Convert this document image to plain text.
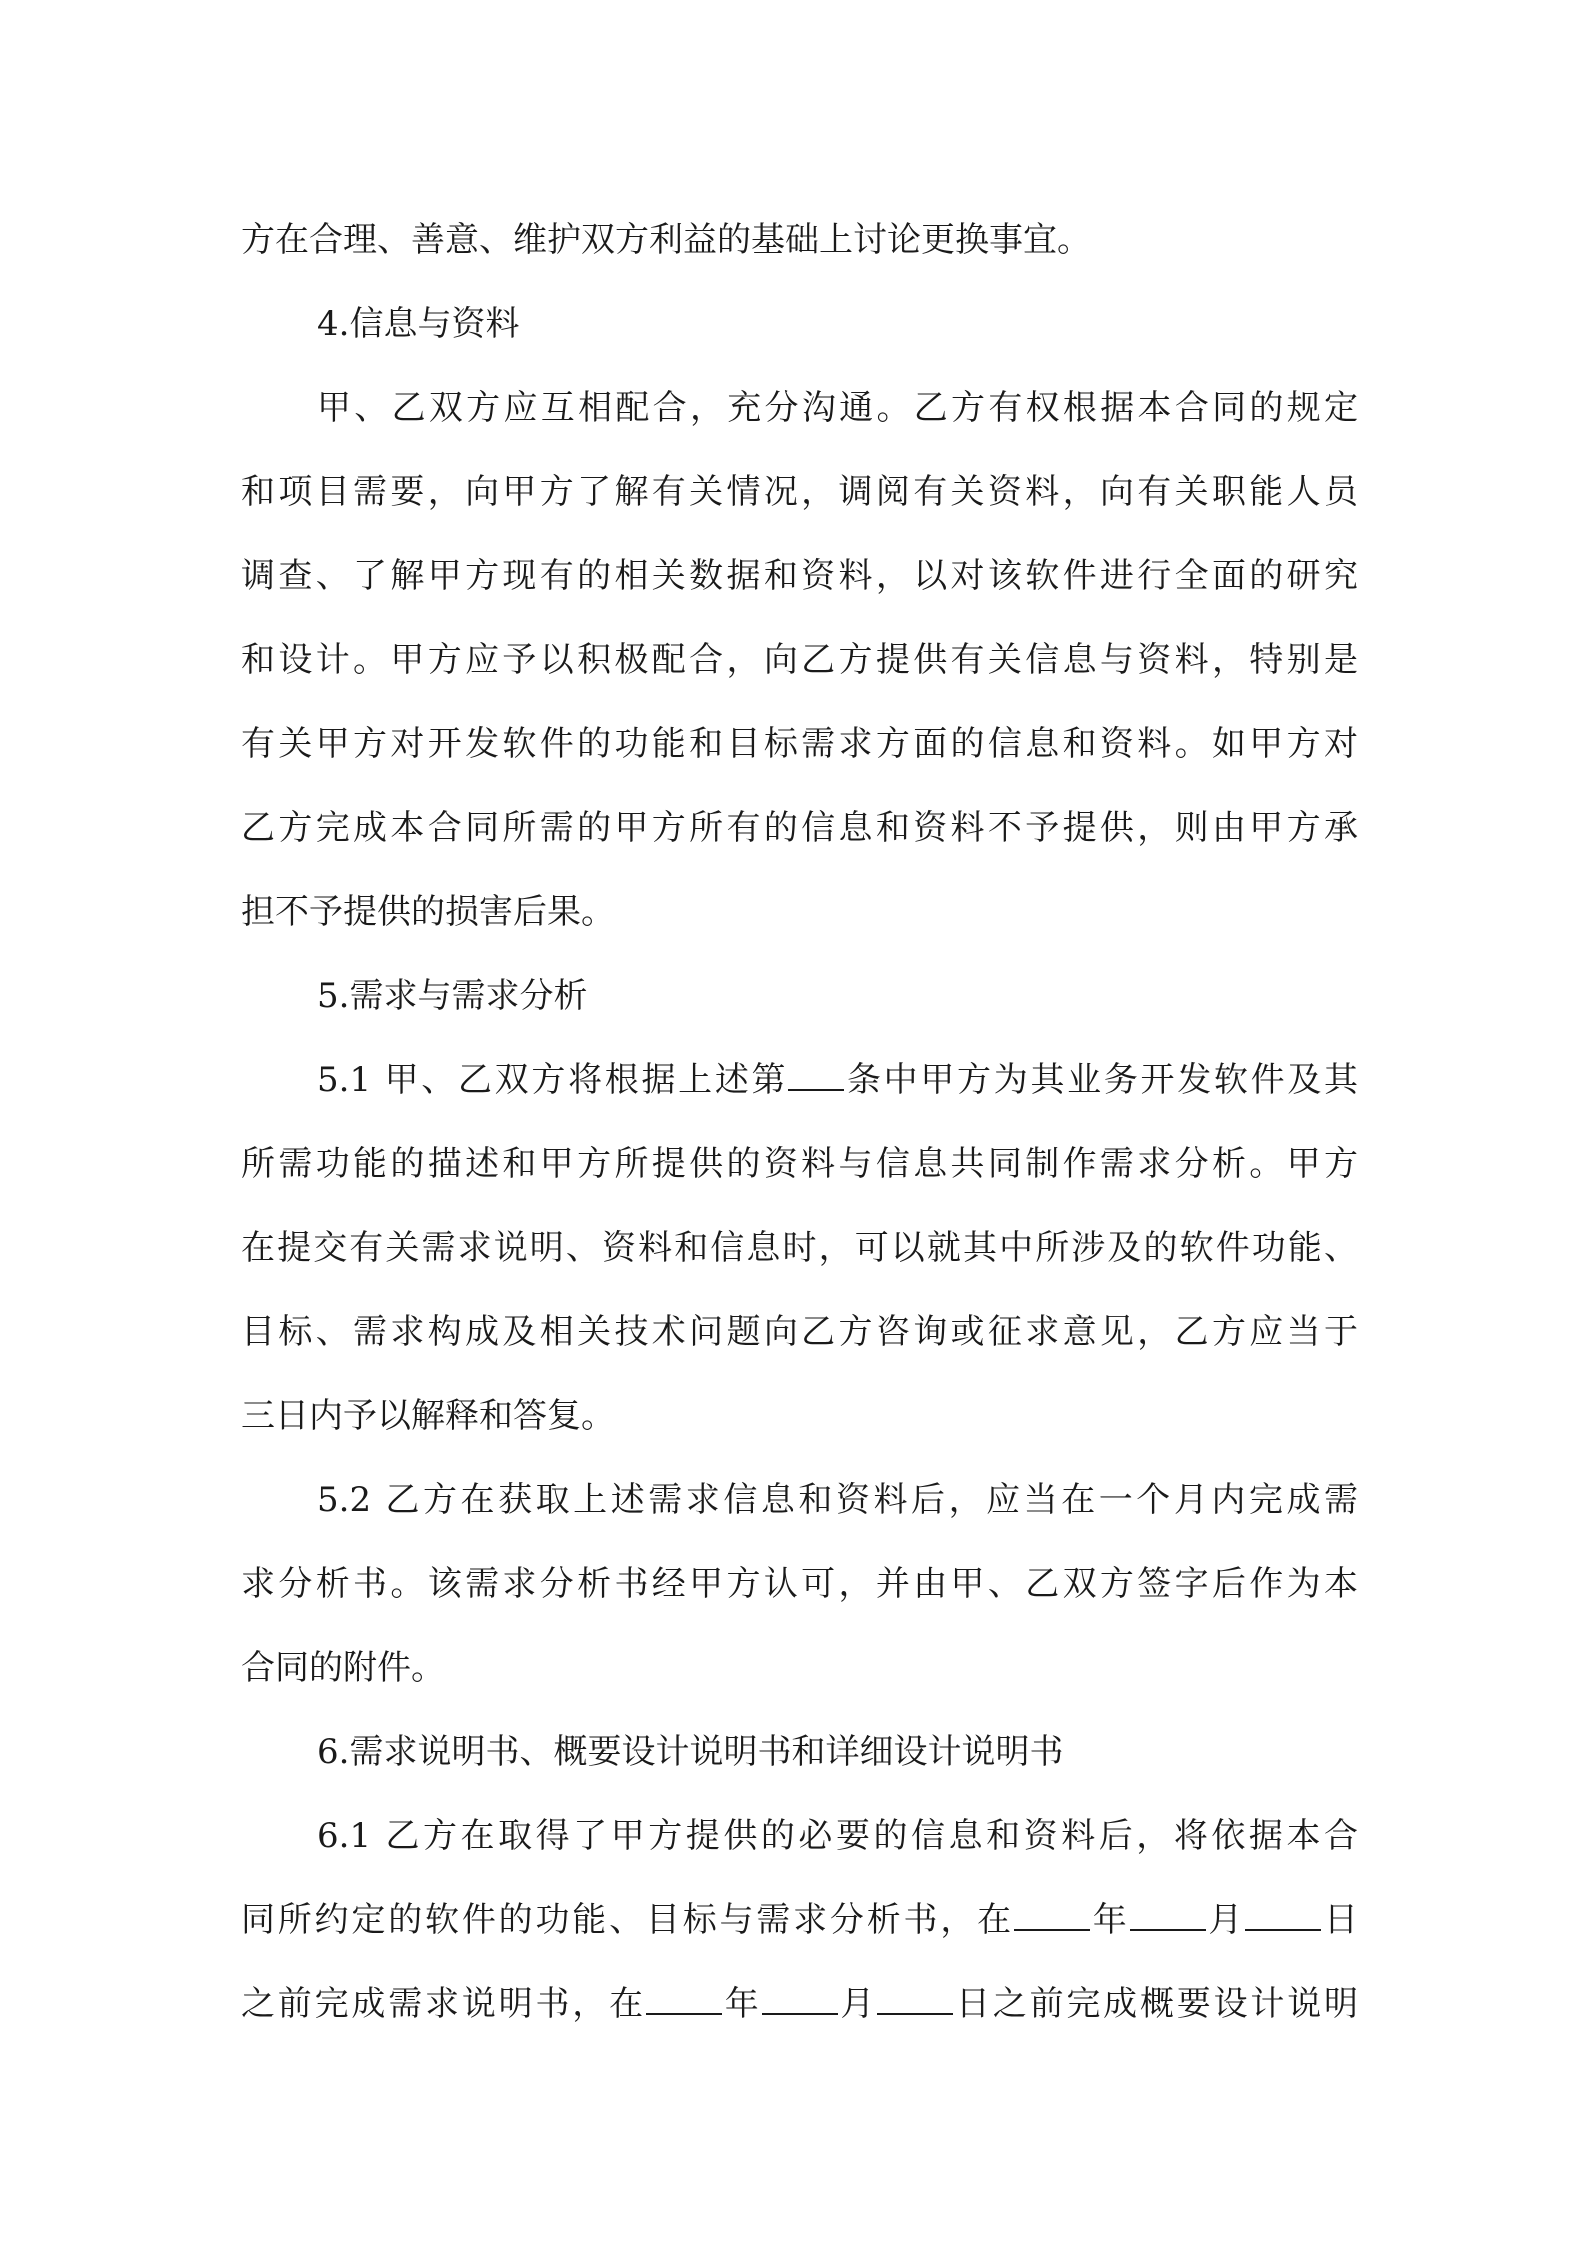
方在合理、善意、维护双方利益的基础上讨论更换事宜。
4.信息与资料
甲、乙双方应互相配合，充分沟通。乙方有权根据本合同的规定
和项目需要，向甲方了解有关情况，调阅有关资料，向有关职能人员
调查、了解甲方现有的相关数据和资料，以对该软件进行全面的研究
和设计。甲方应予以积极配合，向乙方提供有关信息与资料，特别是
有关甲方对开发软件的功能和目标需求方面的信息和资料。如甲方对
乙方完成本合同所需的甲方所有的信息和资料不予提供，则由甲方承
担不予提供的损害后果。
5.需求与需求分析
5.1 甲、乙双方将根据上述第 条中甲方为其业务开发软件及其
所需功能的描述和甲方所提供的资料与信息共同制作需求分析。甲方
在提交有关需求说明、资料和信息时，可以就其中所涉及的软件功能、
目标、需求构成及相关技术问题向乙方咨询或征求意见，乙方应当于
三日内予以解释和答复。
5.2 乙方在获取上述需求信息和资料后，应当在一个月内完成需
求分析书。该需求分析书经甲方认可，并由甲、乙双方签字后作为本
合同的附件。
6.需求说明书、概要设计说明书和详细设计说明书
6.1 乙方在取得了甲方提供的必要的信息和资料后，将依据本合
同所约定的软件的功能、目标与需求分析书，在 年 月 日
之前完成需求说明书，在 年 月 日之前完成概要设计说明
